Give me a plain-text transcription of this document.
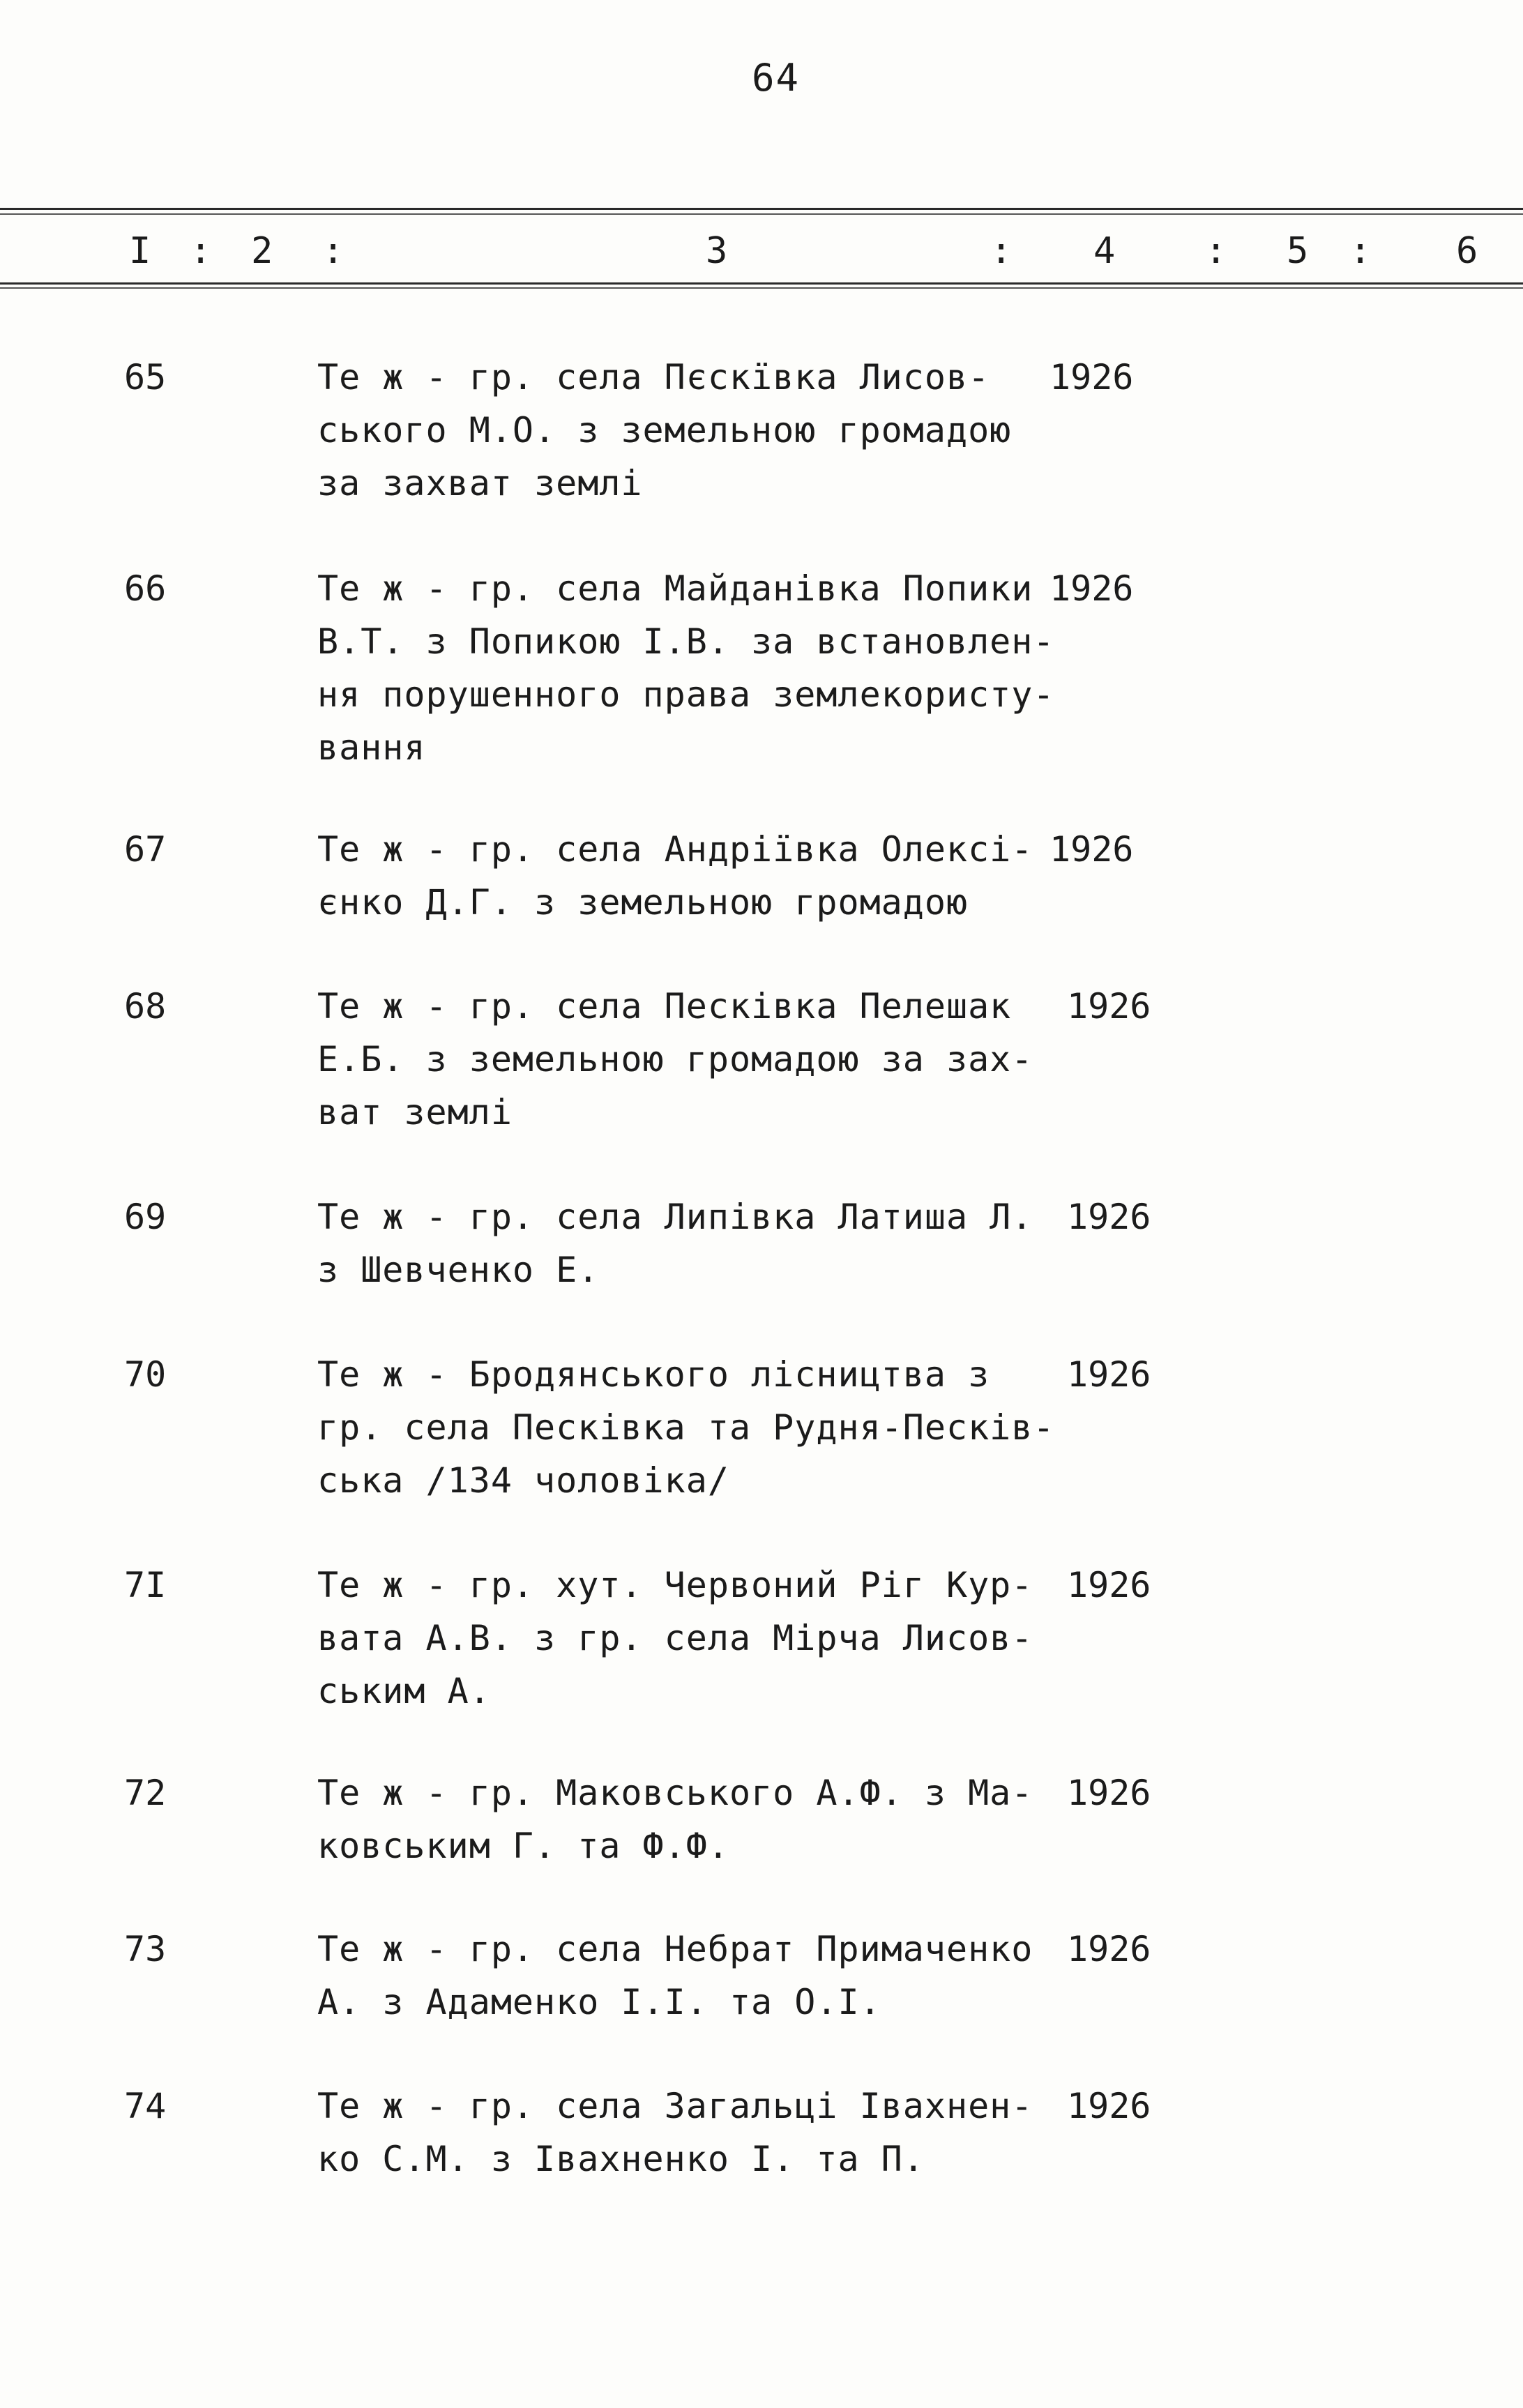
64
I : 2 :	3	: 4 : 5 : 6
65	Те ж - гр. села Пєскївка Лисов-
ського М.О. з земельною громадою
за захват землі
1926
66	Те ж - гр. села Майданівка Попики
В.Т. з Попикою І.В. за встановлен-
ня порушенного права землекористу-
вання
1926
67	Те ж - гр. села Андріївка Олексі-
єнко Д.Г. з земельною громадою
1926
68	Те ж - гр. села Песківка Пелешак
Е.Б. з земельною громадою за зах-
ват землі
1926
69	Те ж - гр. села Липівка Латиша Л.
з Шевченко Е.
1926
70	Те ж - Бродянського лісництва з
гр. села Песківка та Рудня-Песків-
ська /134 чоловіка/
1926
7I	Те ж - гр. хут. Червоний Ріг Кур-
вата А.В. з гр. села Мірча Лисов-
ським А.
1926
72	Те ж - гр. Маковського А.Ф. з Ма-
ковським Г. та Ф.Ф.
1926
73	Те ж - гр. села Небрат Примаченко
А. з Адаменко І.І. та О.І.
1926
74	Те ж - гр. села Загальці Івахнен-
ко С.М. з Івахненко І. та П.
1926
